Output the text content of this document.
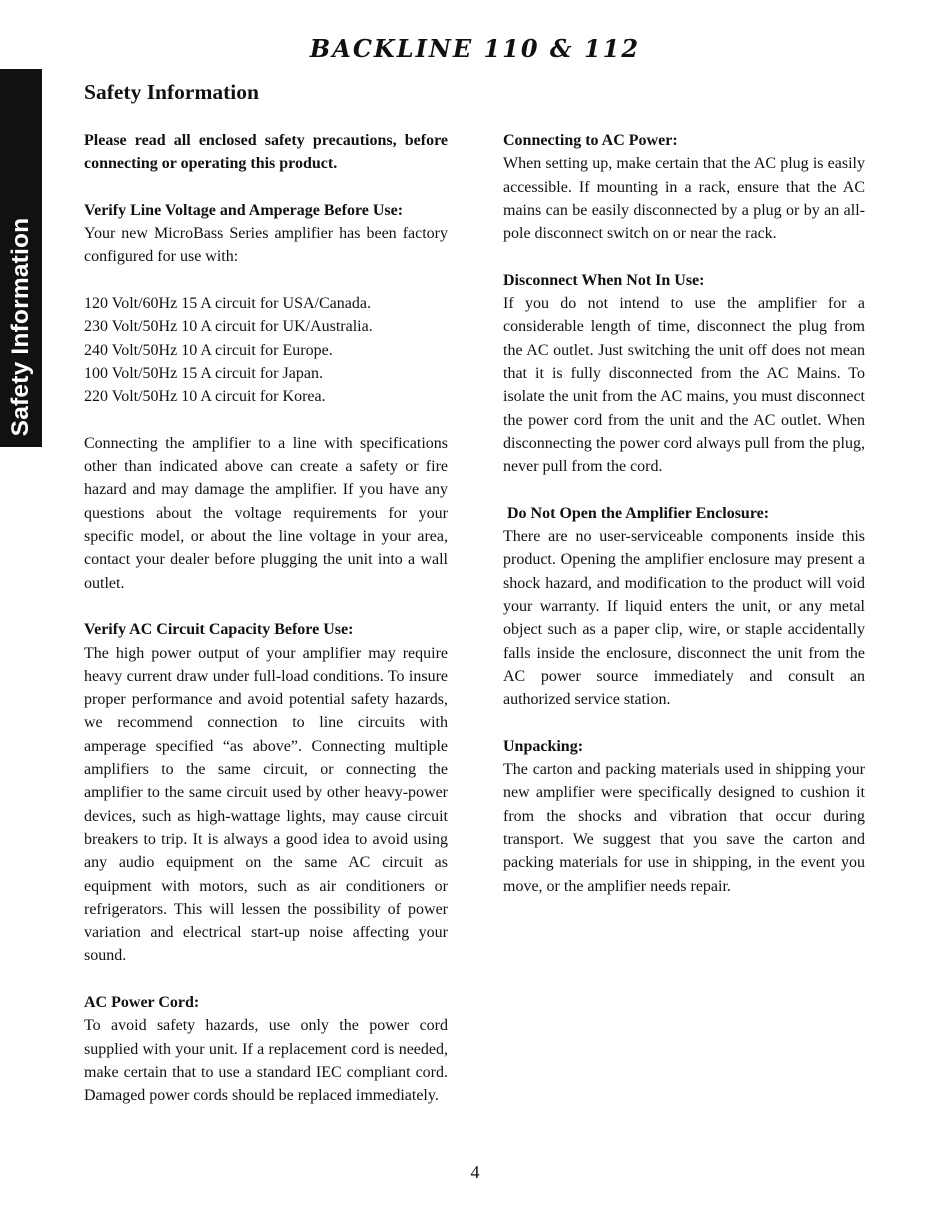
BACKLINE 110 & 112
Safety Information
Safety Information
Please read all enclosed safety precautions, before connecting or operating this product.
Verify Line Voltage and Amperage Before Use:
Your new MicroBass Series amplifier has been factory configured for use with:
120 Volt/60Hz 15 A circuit for USA/Canada.
230 Volt/50Hz 10 A circuit for UK/Australia.
240 Volt/50Hz 10 A circuit for Europe.
100 Volt/50Hz 15 A circuit for Japan.
220 Volt/50Hz 10 A circuit for Korea.
Connecting the amplifier to a line with specifications other than indicated above can create a safety or fire hazard and may damage the amplifier. If you have any questions about the voltage requirements for your specific model, or about the line voltage in your area, contact your dealer before plugging the unit into a wall outlet.
Verify AC Circuit Capacity Before Use:
The high power output of your amplifier may require heavy current draw under full-load conditions. To insure proper performance and avoid potential safety hazards, we recommend connection to line circuits with amperage specified “as above”. Connecting multiple amplifiers to the same circuit, or connecting the amplifier to the same circuit used by other heavy-power devices, such as high-wattage lights, may cause circuit breakers to trip. It is always a good idea to avoid using any audio equipment on the same AC circuit as equipment with motors, such as air conditioners or refrigerators. This will lessen the possibility of power variation and electrical start-up noise affecting your sound.
AC Power Cord:
To avoid safety hazards, use only the power cord supplied with your unit. If a replacement cord is needed, make certain that to use a standard IEC compliant cord. Damaged power cords should be replaced immediately.
Connecting to AC Power:
When setting up, make certain that the AC plug is easily accessible. If mounting in a rack, ensure that the AC mains can be easily disconnected by a plug or by an all-pole disconnect switch on or near the rack.
Disconnect When Not In Use:
If you do not intend to use the amplifier for a considerable length of time, disconnect the plug from the AC outlet. Just switching the unit off does not mean that it is fully disconnected from the AC Mains. To isolate the unit from the AC mains, you must disconnect the power cord from the unit and the AC outlet. When disconnecting the power cord always pull from the plug, never pull from the cord.
Do Not Open the Amplifier Enclosure:
There are no user-serviceable components inside this product. Opening the amplifier enclosure may present a shock hazard, and modification to the product will void your warranty. If liquid enters the unit, or any metal object such as a paper clip, wire, or staple accidentally falls inside the enclosure, disconnect the unit from the AC power source immediately and consult an authorized service station.
Unpacking:
The carton and packing materials used in shipping your new amplifier were specifically designed to cushion it from the shocks and vibration that occur during transport. We suggest that you save the carton and packing materials for use in shipping, in the event you move, or the amplifier needs repair.
4
